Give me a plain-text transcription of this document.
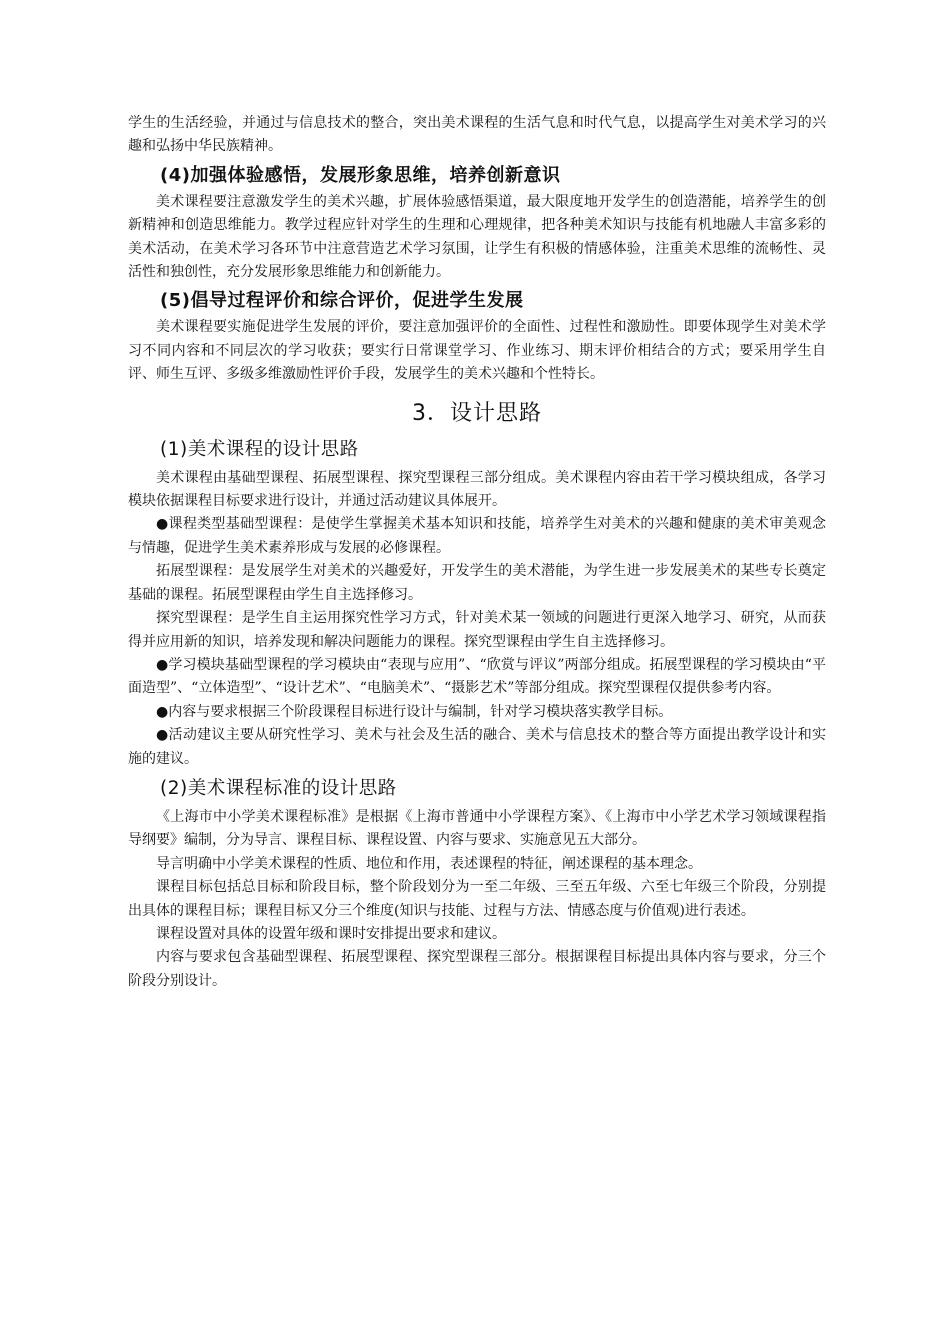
学生的生活经验，并通过与信息技术的整合，突出美术课程的生活气息和时代气息，以提高学生对美术学习的兴趣和弘扬中华民族精神。

(4)加强体验感悟，发展形象思维，培养创新意识

美术课程要注意激发学生的美术兴趣，扩展体验感悟渠道，最大限度地开发学生的创造潜能，培养学生的创新精神和创造思维能力。教学过程应针对学生的生理和心理规律，把各种美术知识与技能有机地融人丰富多彩的美术活动，在美术学习各环节中注意营造艺术学习氛围，让学生有积极的情感体验，注重美术思维的流畅性、灵活性和独创性，充分发展形象思维能力和创新能力。

(5)倡导过程评价和综合评价，促进学生发展

美术课程要实施促进学生发展的评价，要注意加强评价的全面性、过程性和激励性。即要体现学生对美术学习不同内容和不同层次的学习收获；要实行日常课堂学习、作业练习、期末评价相结合的方式；要采用学生自评、师生互评、多级多维激励性评价手段，发展学生的美术兴趣和个性特长。

3．设计思路
(1)美术课程的设计思路

美术课程由基础型课程、拓展型课程、探究型课程三部分组成。美术课程内容由若干学习模块组成，各学习模块依据课程目标要求进行设计，并通过活动建议具体展开。

●课程类型基础型课程：是使学生掌握美术基本知识和技能，培养学生对美术的兴趣和健康的美术审美观念与情趣，促进学生美术素养形成与发展的必修课程。

拓展型课程：是发展学生对美术的兴趣爱好，开发学生的美术潜能，为学生进一步发展美术的某些专长奠定基础的课程。拓展型课程由学生自主选择修习。

探究型课程：是学生自主运用探究性学习方式，针对美术某一领域的问题进行更深入地学习、研究，从而获得并应用新的知识，培养发现和解决问题能力的课程。探究型课程由学生自主选择修习。

●学习模块基础型课程的学习模块由“表现与应用”、“欣赏与评议”两部分组成。拓展型课程的学习模块由“平面造型”、“立体造型”、“设计艺术”、“电脑美术”、“摄影艺术”等部分组成。探究型课程仅提供参考内容。

●内容与要求根据三个阶段课程目标进行设计与编制，针对学习模块落实教学目标。

●活动建议主要从研究性学习、美术与社会及生活的融合、美术与信息技术的整合等方面提出教学设计和实施的建议。

(2)美术课程标准的设计思路

《上海市中小学美术课程标准》是根据《上海市普通中小学课程方案》、《上海市中小学艺术学习领域课程指导纲要》编制，分为导言、课程目标、课程设置、内容与要求、实施意见五大部分。

导言明确中小学美术课程的性质、地位和作用，表述课程的特征，阐述课程的基本理念。

课程目标包括总目标和阶段目标，整个阶段划分为一至二年级、三至五年级、六至七年级三个阶段，分别提出具体的课程目标；课程目标又分三个维度(知识与技能、过程与方法、情感态度与价值观)进行表述。

课程设置对具体的设置年级和课时安排提出要求和建议。

内容与要求包含基础型课程、拓展型课程、探究型课程三部分。根据课程目标提出具体内容与要求，分三个阶段分别设计。
